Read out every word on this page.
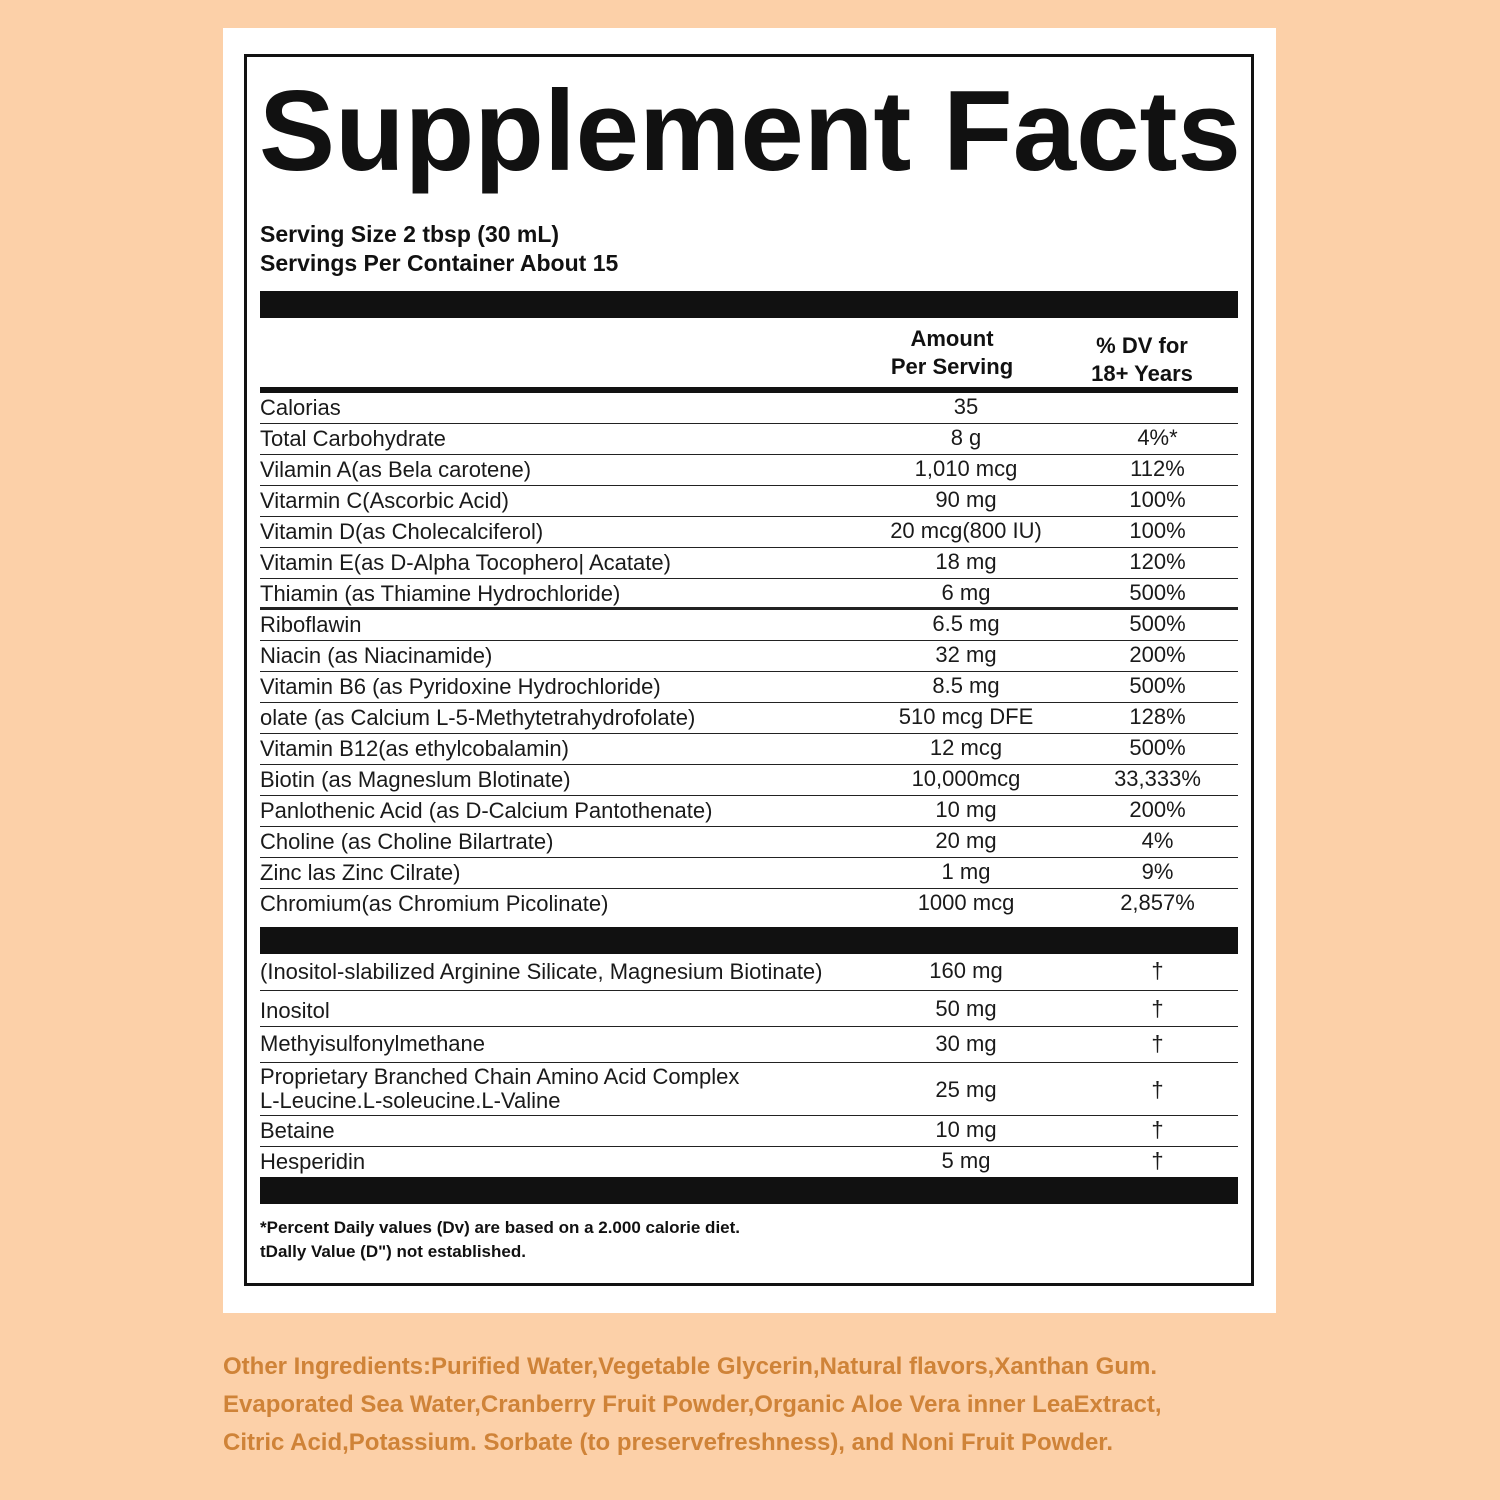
Supplement Facts
Serving Size 2 tbsp (30 mL)
Servings Per Container About 15
Amount
Per Serving
% DV for
18+ Years
Calorias	35
Total Carbohydrate	8 g	4%*
Vilamin A(as Bela carotene)	1,010 mcg	112%
Vitarmin C(Ascorbic Acid)	90 mg	100%
Vitamin D(as Cholecalciferol)	20 mcg(800 IU)	100%
Vitamin E(as D-Alpha Tocophero| Acatate)	18 mg	120%
Thiamin (as Thiamine Hydrochloride)	6 mg	500%
Riboflawin	6.5 mg	500%
Niacin (as Niacinamide)	32 mg	200%
Vitamin B6 (as Pyridoxine Hydrochloride)	8.5 mg	500%
olate (as Calcium L-5-Methytetrahydrofolate)	510 mcg DFE	128%
Vitamin B12(as ethylcobalamin)	12 mcg	500%
Biotin (as Magneslum Blotinate)	10,000mcg	33,333%
Panlothenic Acid (as D-Calcium Pantothenate)	10 mg	200%
Choline (as Choline Bilartrate)	20 mg	4%
Zinc las Zinc Cilrate)	1 mg	9%
Chromium(as Chromium Picolinate)	1000 mcg	2,857%
(Inositol-slabilized Arginine Silicate, Magnesium Biotinate)	160 mg	†
Inositol	50 mg	†
Methyisulfonylmethane	30 mg	†
Proprietary Branched Chain Amino Acid Complex
L-Leucine.L-soleucine.L-Valine	25 mg	†
Betaine	10 mg	†
Hesperidin	5 mg	†
*Percent Daily values (Dv) are based on a 2.000 calorie diet.
tDally Value (D") not established.
Other Ingredients:Purified Water,Vegetable Glycerin,Natural flavors,Xanthan Gum.
Evaporated Sea Water,Cranberry Fruit Powder,Organic Aloe Vera inner LeaExtract,
Citric Acid,Potassium. Sorbate (to preservefreshness), and Noni Fruit Powder.
